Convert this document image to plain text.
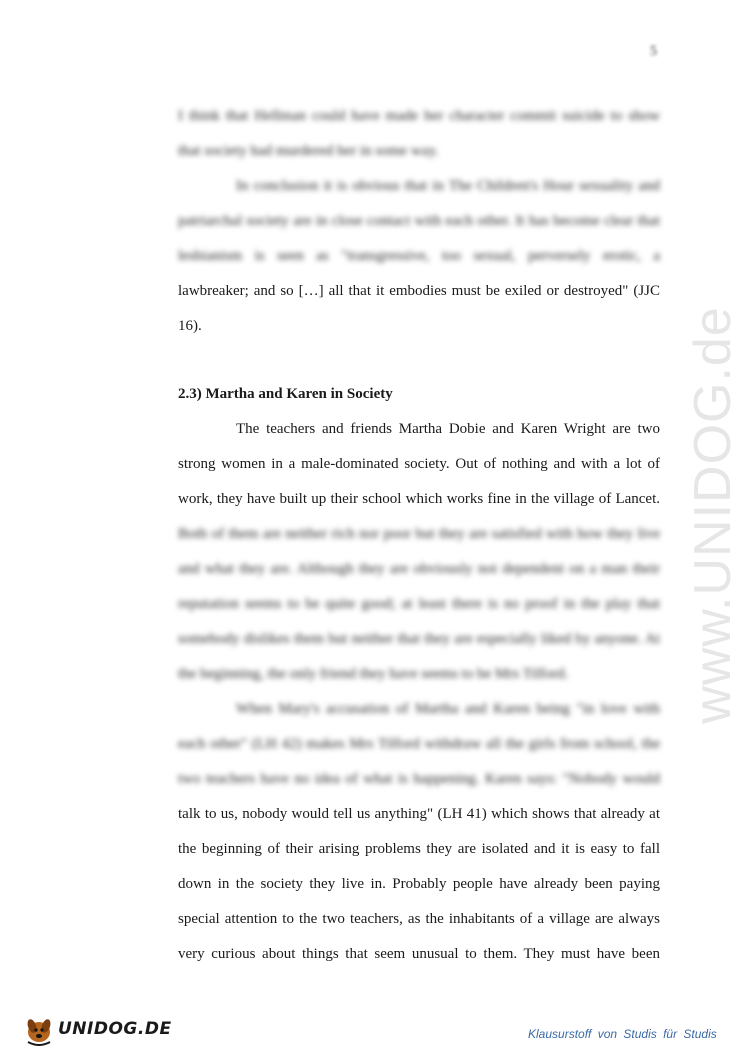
5
www.UNIDOG.de
I think that Hellman could have made her character commit suicide to show
that society had murdered her in some way.
In conclusion it is obvious that in The Children's Hour sexuality and
patriarchal society are in close contact with each other. It has become clear that
lesbianism is seen as "transgressive, too sexual, perversely erotic, a
lawbreaker; and so […] all that it embodies must be exiled or destroyed" (JJC
16).
2.3) Martha and Karen in Society
The teachers and friends Martha Dobie and Karen Wright are two
strong women in a male-dominated society. Out of nothing and with a lot of
work, they have built up their school which works fine in the village of Lancet.
Both of them are neither rich nor poor but they are satisfied with how they live
and what they are. Although they are obviously not dependent on a man their
reputation seems to be quite good; at least there is no proof in the play that
somebody dislikes them but neither that they are especially liked by anyone. At
the beginning, the only friend they have seems to be Mrs Tilford.
When Mary's accusation of Martha and Karen being "in love with
each other" (LH 42) makes Mrs Tilford withdraw all the girls from school, the
two teachers have no idea of what is happening. Karen says: "Nobody would
talk to us, nobody would tell us anything" (LH 41) which shows that already at
the beginning of their arising problems they are isolated and it is easy to fall
down in the society they live in. Probably people have already been paying
special attention to the two teachers, as the inhabitants of a village are always
very curious about things that seem unusual to them. They must have been
UNIDOG.DE	Klausurstoff von Studis für Studis
